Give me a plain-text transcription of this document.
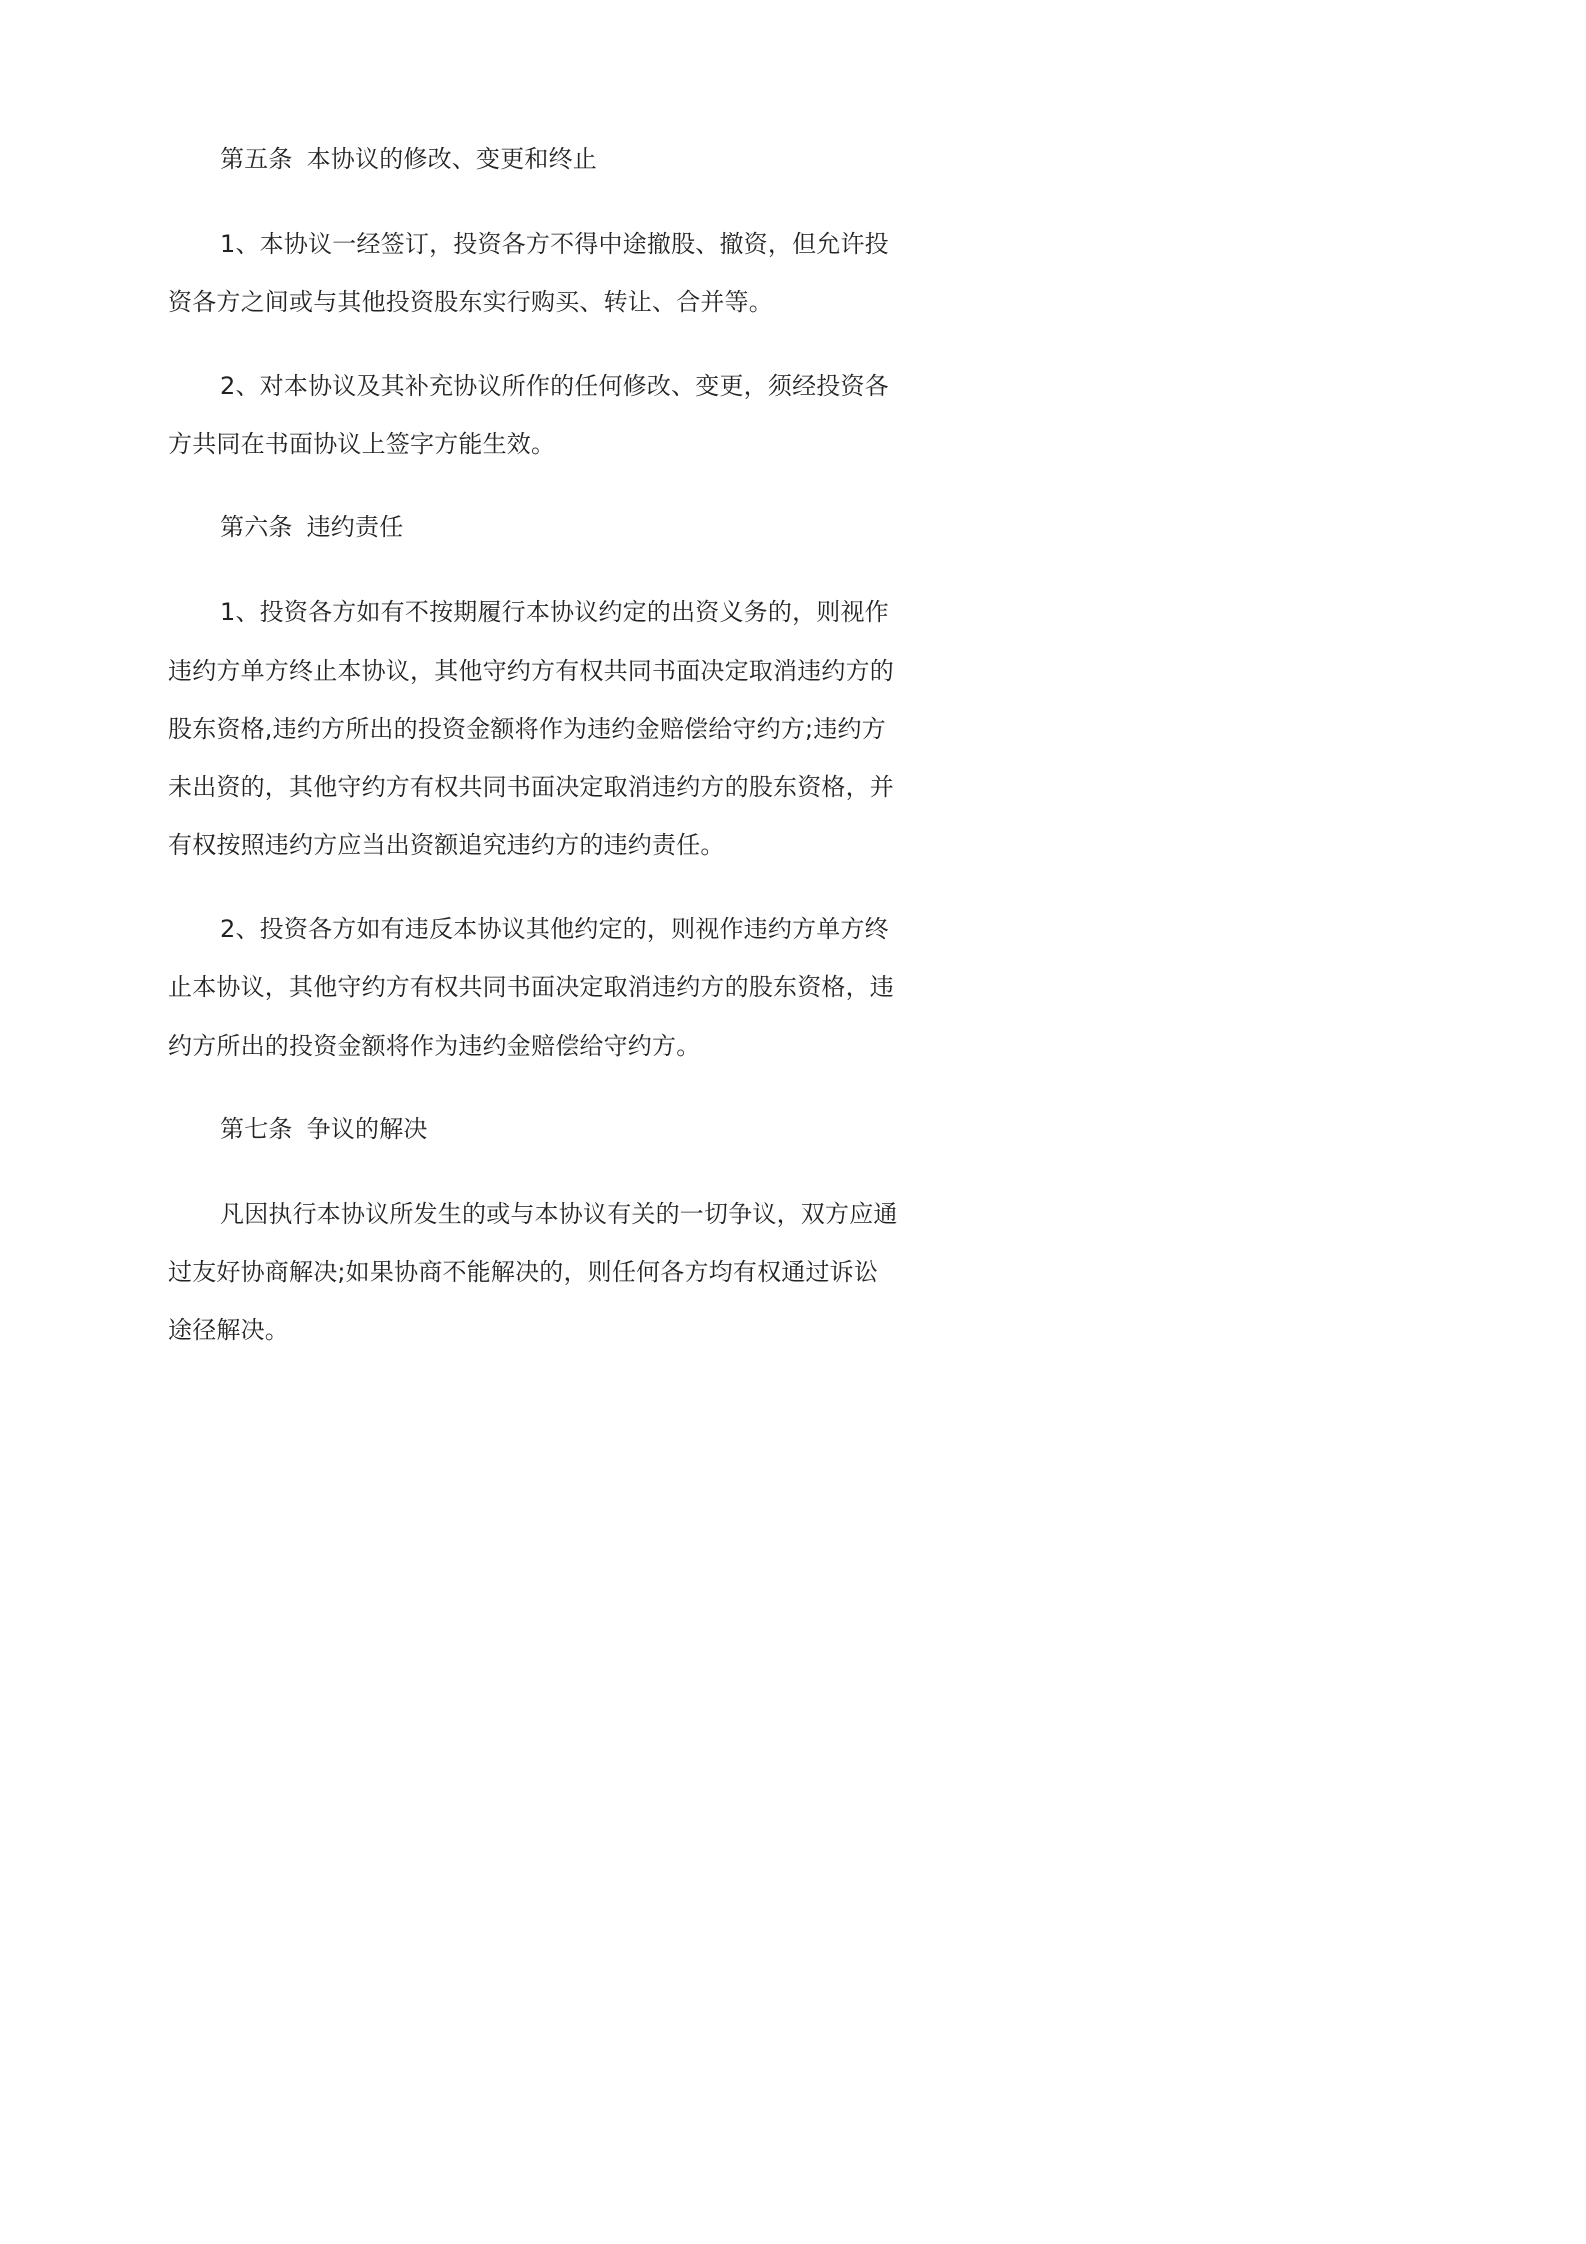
第五条 本协议的修改、变更和终止
1、本协议一经签订，投资各方不得中途撤股、撤资，但允许投
资各方之间或与其他投资股东实行购买、转让、合并等。
2、对本协议及其补充协议所作的任何修改、变更，须经投资各
方共同在书面协议上签字方能生效。
第六条 违约责任
1、投资各方如有不按期履行本协议约定的出资义务的，则视作
违约方单方终止本协议，其他守约方有权共同书面决定取消违约方的
股东资格,违约方所出的投资金额将作为违约金赔偿给守约方;违约方
未出资的，其他守约方有权共同书面决定取消违约方的股东资格，并
有权按照违约方应当出资额追究违约方的违约责任。
2、投资各方如有违反本协议其他约定的，则视作违约方单方终
止本协议，其他守约方有权共同书面决定取消违约方的股东资格，违
约方所出的投资金额将作为违约金赔偿给守约方。
第七条 争议的解决
凡因执行本协议所发生的或与本协议有关的一切争议，双方应通
过友好协商解决;如果协商不能解决的，则任何各方均有权通过诉讼
途径解决。
